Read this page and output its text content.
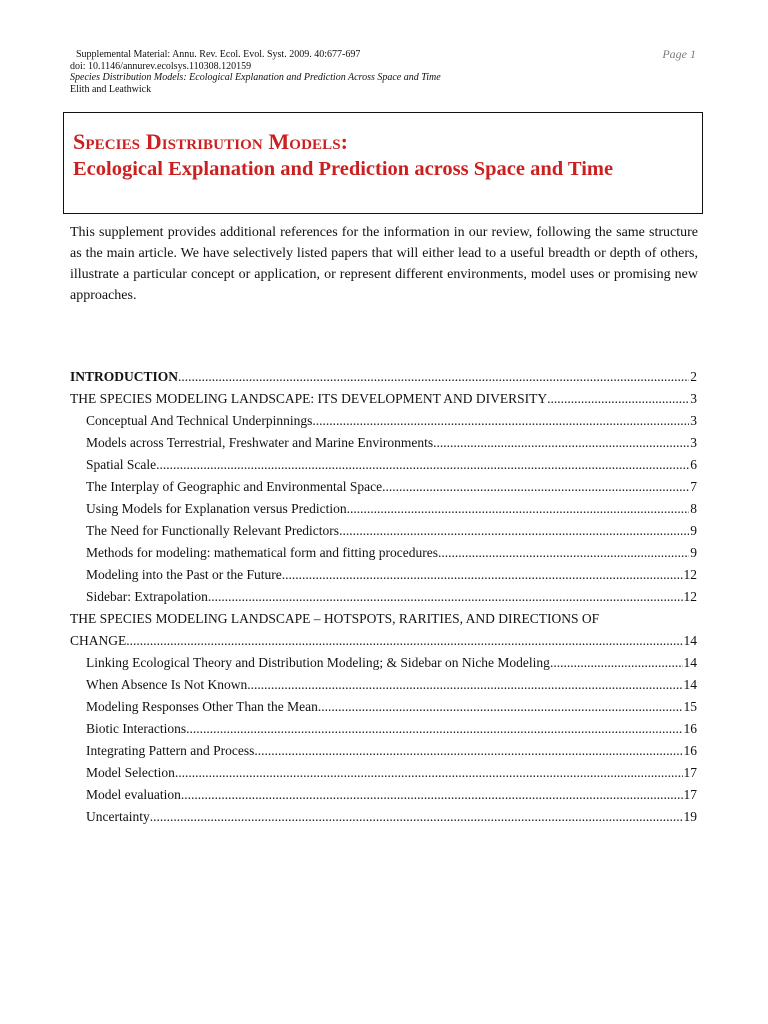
Supplemental Material: Annu. Rev. Ecol. Evol. Syst. 2009. 40:677-697
doi: 10.1146/annurev.ecolsys.110308.120159
Species Distribution Models: Ecological Explanation and Prediction Across Space and Time
Elith and Leathwick
Page 1
Species Distribution Models:
Ecological Explanation and Prediction across Space and Time
This supplement provides additional references for the information in our review, following the same structure as the main article. We have selectively listed papers that will either lead to a useful breadth or depth of others, illustrate a particular concept or application, or represent different environments, model uses or promising new approaches.
INTRODUCTION .....	2
THE SPECIES MODELING LANDSCAPE: ITS DEVELOPMENT AND DIVERSITY .....	3
Conceptual And Technical Underpinnings .....	3
Models across Terrestrial, Freshwater and Marine Environments .....	3
Spatial Scale .....	6
The Interplay of Geographic and Environmental Space .....	7
Using Models for Explanation versus Prediction .....	8
The Need for Functionally Relevant Predictors .....	9
Methods for modeling: mathematical form and fitting procedures .....	9
Modeling into the Past or the Future .....	12
Sidebar: Extrapolation .....	12
THE SPECIES MODELING LANDSCAPE – HOTSPOTS, RARITIES, AND DIRECTIONS OF
CHANGE .....	14
Linking Ecological Theory and Distribution Modeling; & Sidebar on Niche Modeling .....	14
When Absence Is Not Known .....	14
Modeling Responses Other Than the Mean .....	15
Biotic Interactions .....	16
Integrating Pattern and Process .....	16
Model Selection .....	17
Model evaluation .....	17
Uncertainty .....	19
